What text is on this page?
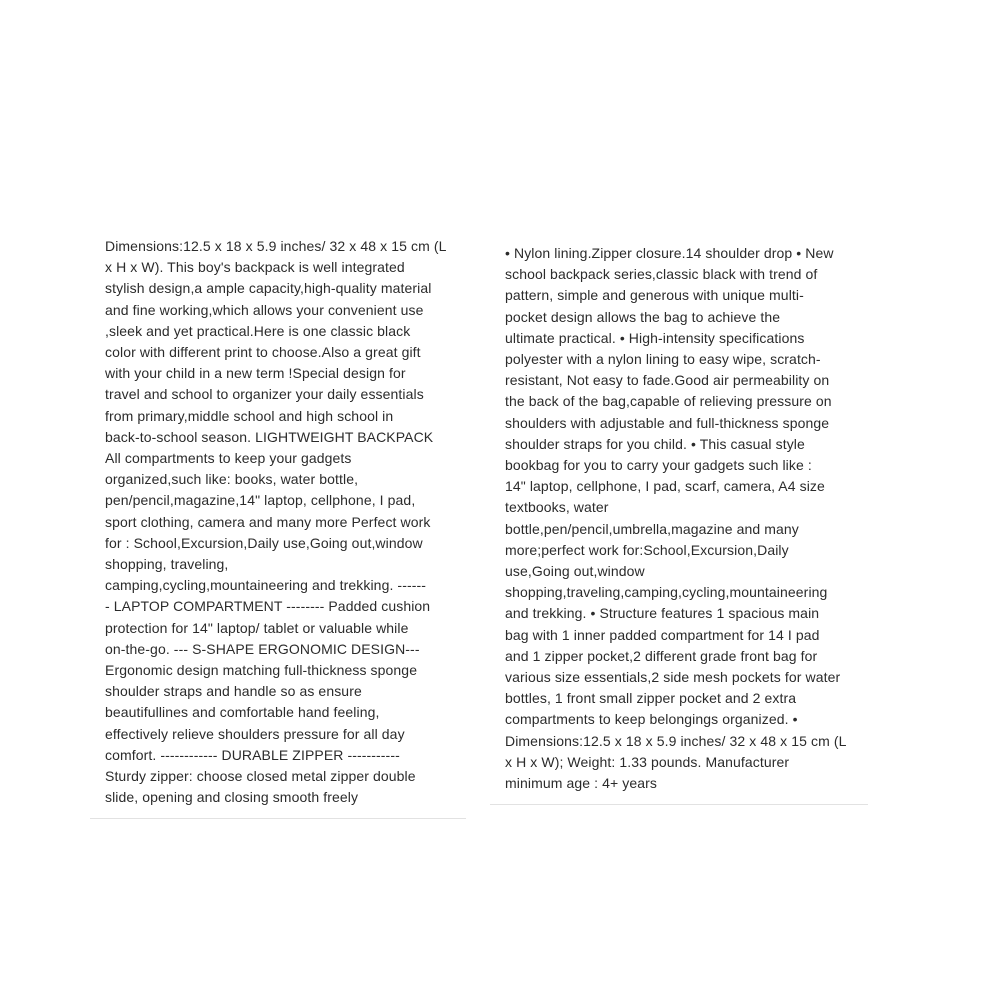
Dimensions:12.5 x 18 x 5.9 inches/ 32 x 48 x 15 cm (L
x H x W). This boy's backpack is well integrated
stylish design,a ample capacity,high-quality material
and fine working,which allows your convenient use
,sleek and yet practical.Here is one classic black
color with different print to choose.Also a great gift
with your child in a new term !Special design for
travel and school to organizer your daily essentials
from primary,middle school and high school in
back-to-school season. LIGHTWEIGHT BACKPACK
All compartments to keep your gadgets
organized,such like: books, water bottle,
pen/pencil,magazine,14" laptop, cellphone, I pad,
sport clothing, camera and many more Perfect work
for : School,Excursion,Daily use,Going out,window
shopping, traveling,
camping,cycling,mountaineering and trekking. ------
- LAPTOP COMPARTMENT -------- Padded cushion
protection for 14" laptop/ tablet or valuable while
on-the-go. --- S-SHAPE ERGONOMIC DESIGN---
Ergonomic design matching full-thickness sponge
shoulder straps and handle so as ensure
beautifullines and comfortable hand feeling,
effectively relieve shoulders pressure for all day
comfort. ------------ DURABLE ZIPPER -----------
Sturdy zipper: choose closed metal zipper double
slide, opening and closing smooth freely

• Nylon lining.Zipper closure.14 shoulder drop • New
school backpack series,classic black with trend of
pattern, simple and generous with unique multi-
pocket design allows the bag to achieve the
ultimate practical. • High-intensity specifications
polyester with a nylon lining to easy wipe, scratch-
resistant, Not easy to fade.Good air permeability on
the back of the bag,capable of relieving pressure on
shoulders with adjustable and full-thickness sponge
shoulder straps for you child. • This casual style
bookbag for you to carry your gadgets such like :
14" laptop, cellphone, I pad, scarf, camera, A4 size
textbooks, water
bottle,pen/pencil,umbrella,magazine and many
more;perfect work for:School,Excursion,Daily
use,Going out,window
shopping,traveling,camping,cycling,mountaineering
and trekking. • Structure features 1 spacious main
bag with 1 inner padded compartment for 14 I pad
and 1 zipper pocket,2 different grade front bag for
various size essentials,2 side mesh pockets for water
bottles, 1 front small zipper pocket and 2 extra
compartments to keep belongings organized. •
Dimensions:12.5 x 18 x 5.9 inches/ 32 x 48 x 15 cm (L
x H x W); Weight: 1.33 pounds. Manufacturer
minimum age : 4+ years
